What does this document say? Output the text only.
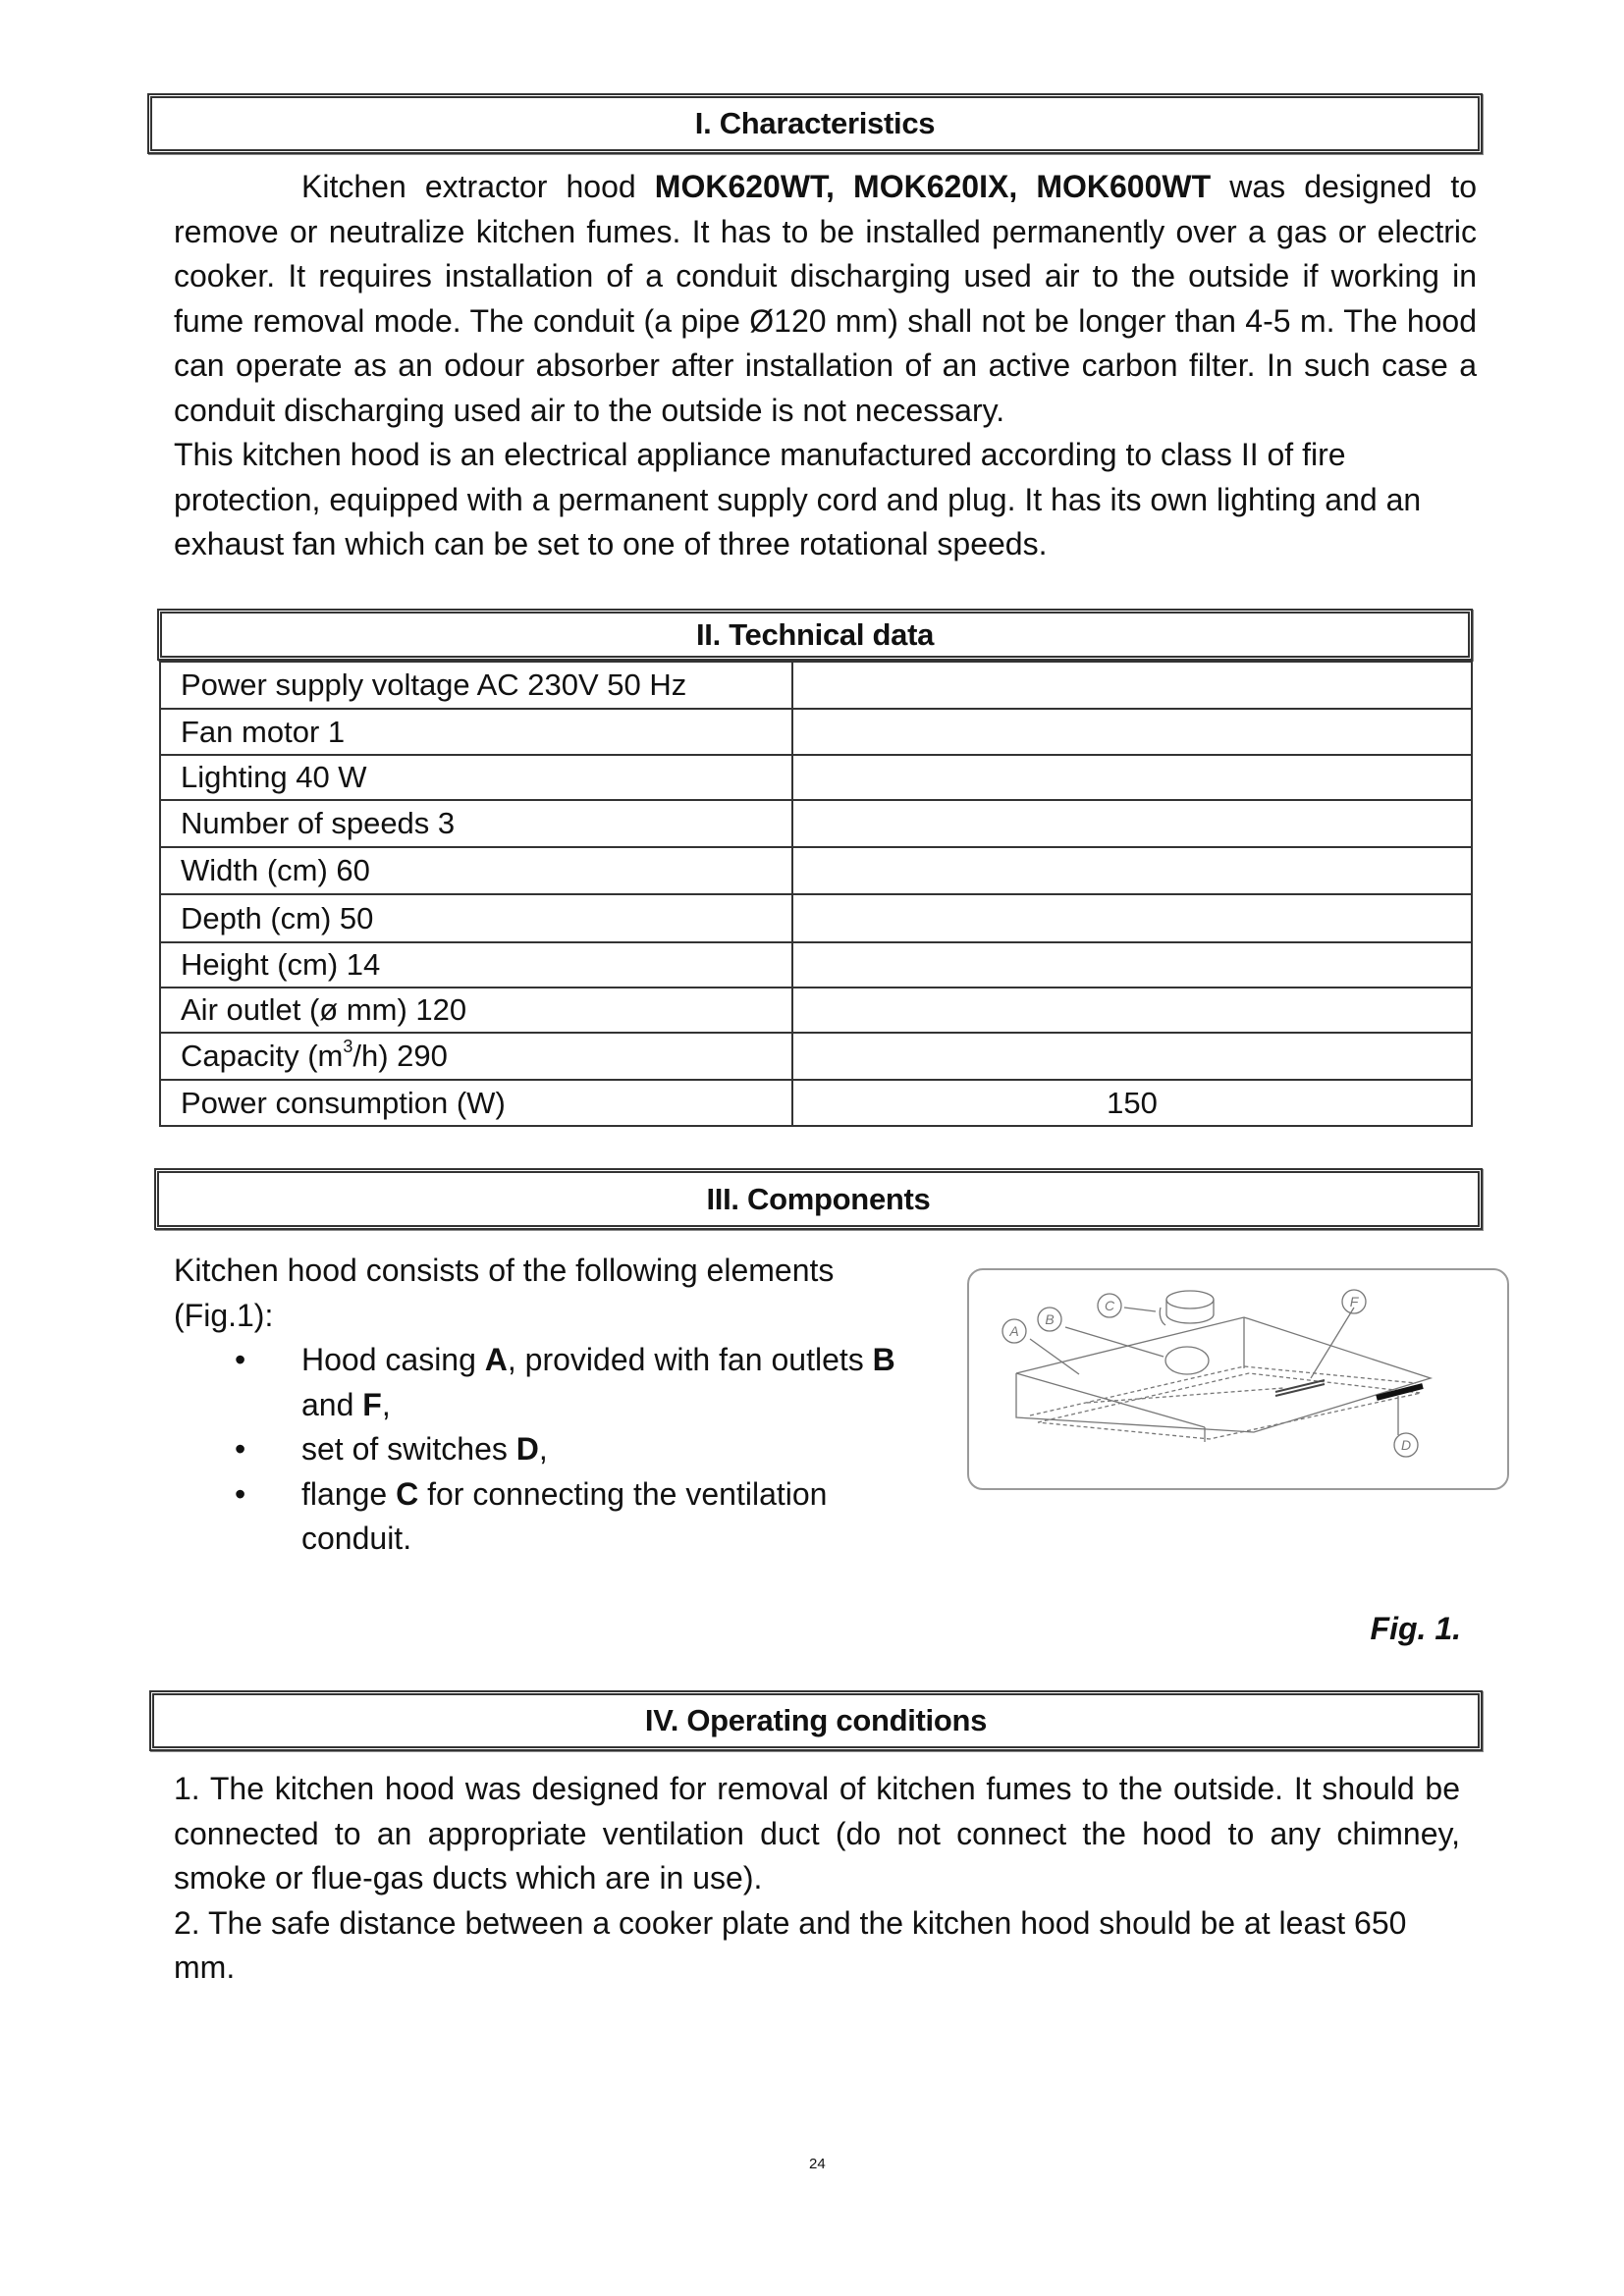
I. Characteristics

Kitchen extractor hood MOK620WT, MOK620IX, MOK600WT was designed to remove or neutralize kitchen fumes. It has to be installed permanently over a gas or electric cooker. It requires installation of a conduit discharging used air to the outside if working in fume removal mode. The conduit (a pipe Ø120 mm) shall not be longer than 4-5 m. The hood can operate as an odour absorber after installation of an active carbon filter. In such case a conduit discharging used air to the outside is not necessary.

This kitchen hood is an electrical appliance manufactured according to class II of fire protection, equipped with a permanent supply cord and plug. It has its own lighting and an exhaust fan which can be set to one of three rotational speeds.

II. Technical data
Power supply voltage AC 230V 50 Hz	
Fan motor 1	
Lighting 40 W	
Number of speeds 3	
Width (cm) 60	
Depth (cm) 50	
Height (cm) 14	
Air outlet (ø mm) 120	
Capacity $(m^3/h)$ 290	
Power consumption (W)	150
III. Components

Kitchen hood consists of the following elements (Fig.1):

• Hood casing A, provided with fan outlets B and F,
• set of switches D,
• flange C for connecting the ventilation conduit.
A
B
C
D
F
Fig. 1.
IV. Operating conditions

1. The kitchen hood was designed for removal of kitchen fumes to the outside. It should be connected to an appropriate ventilation duct (do not connect the hood to any chimney, smoke or flue-gas ducts which are in use).

2. The safe distance between a cooker plate and the kitchen hood should be at least 650 mm.

24
